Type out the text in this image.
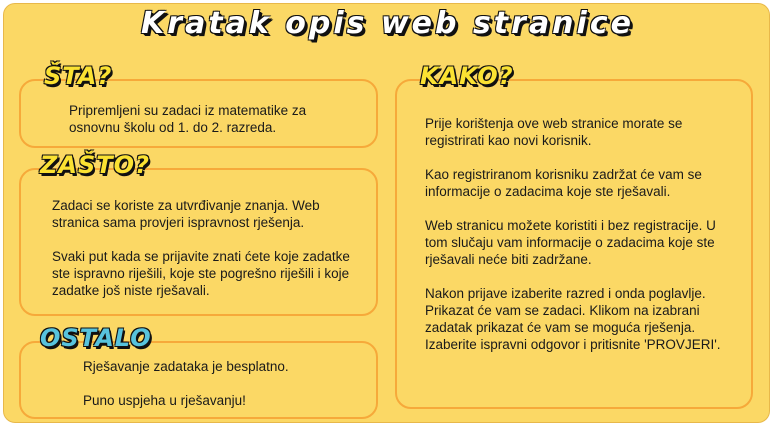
Kratak opis web stranice
ŠTA?

Pripremljeni su zadaci iz matematike za

osnovnu školu od 1. do 2. razreda.

ZAŠTO?

Zadaci se koriste za utvrđivanje znanja. Web

stranica sama provjeri ispravnost rješenja.

Svaki put kada se prijavite znati ćete koje zadatke

ste ispravno riješili, koje ste pogrešno riješili i koje

zadatke još niste rješavali.

OSTALO

Rješavanje zadataka je besplatno.

Puno uspjeha u rješavanju!

KAKO?

Prije korištenja ove web stranice morate se

registrirati kao novi korisnik.

Kao registriranom korisniku zadržat će vam se

informacije o zadacima koje ste rješavali.

Web stranicu možete koristiti i bez registracije. U

tom slučaju vam informacije o zadacima koje ste

rješavali neće biti zadržane.

Nakon prijave izaberite razred i onda poglavlje.

Prikazat će vam se zadaci. Klikom na izabrani

zadatak prikazat će vam se moguća rješenja.

Izaberite ispravni odgovor i pritisnite 'PROVJERI'.
